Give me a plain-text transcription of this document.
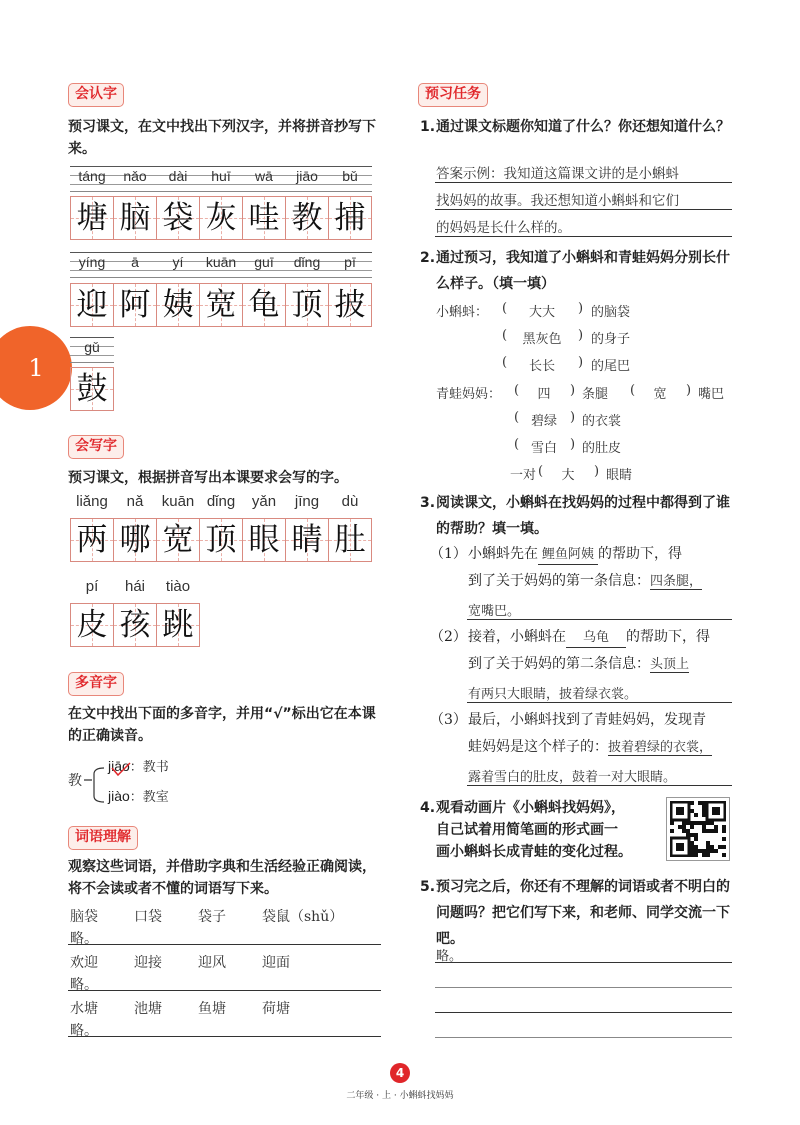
1
会认字
预习课文，在文中找出下列汉字，并将拼音抄写下来。
táng	nǎo	dài	huī	wā	jiāo	bǔ
塘 脑 袋 灰 哇 教 捕
yíng	ā	yí	kuān	guī	dǐng	pī
迎 阿 姨 宽 龟 顶 披
gǔ
鼓
会写字
预习课文，根据拼音写出本课要求会写的字。
liǎng	nǎ	kuān dǐng	yǎn	jīng	dù
两 哪 宽 顶 眼 睛 肚
pí	hái	tiào
皮 孩 跳
多音字
在文中找出下面的多音字，并用“√”标出它在本课的正确读音。
教
jiāo：教书
jiào：教室
词语理解
观察这些词语，并借助字典和生活经验正确阅读，将不会读或者不懂的词语写下来。
脑袋	口袋	袋子	袋鼠（shǔ）
略。
欢迎	迎接	迎风	迎面
略。
水塘	池塘	鱼塘	荷塘
略。
预习任务
1. 通过课文标题你知道了什么？你还想知道什么？
答案示例：我知道这篇课文讲的是小蝌蚪
找妈妈的故事。我还想知道小蝌蚪和它们
的妈妈是长什么样的。
2. 通过预习，我知道了小蝌蚪和青蛙妈妈分别长什么样子。（填一填）
小蝌蚪： (	大大	) 的脑袋
(	黑灰色	) 的身子
(	长长	) 的尾巴
青蛙妈妈： (	四	) 条腿 (	宽	) 嘴巴
( 碧绿	) 的衣裳
( 雪白	) 的肚皮
一对 (	大	) 眼睛
3. 阅读课文，小蝌蚪在找妈妈的过程中都得到了谁的帮助？填一填。
（1） 小蝌蚪先在 鲤鱼阿姨 的帮助下，得
到了关于妈妈的第一条信息：四条腿，
宽嘴巴。
（2） 接着，小蝌蚪在 乌龟 的帮助下，得
到了关于妈妈的第二条信息：头顶上
有两只大眼睛，披着绿衣裳。
（3） 最后，小蝌蚪找到了青蛙妈妈，发现青
蛙妈妈是这个样子的：披着碧绿的衣裳，
露着雪白的肚皮，鼓着一对大眼睛。
4. 观看动画片《小蝌蚪找妈妈》，
自己试着用简笔画的形式画一
画小蝌蚪长成青蛙的变化过程。
5. 预习完之后，你还有不理解的词语或者不明白的问题吗？把它们写下来，和老师、同学交流一下吧。
略。
4
二年级 · 上 · 小蝌蚪找妈妈
